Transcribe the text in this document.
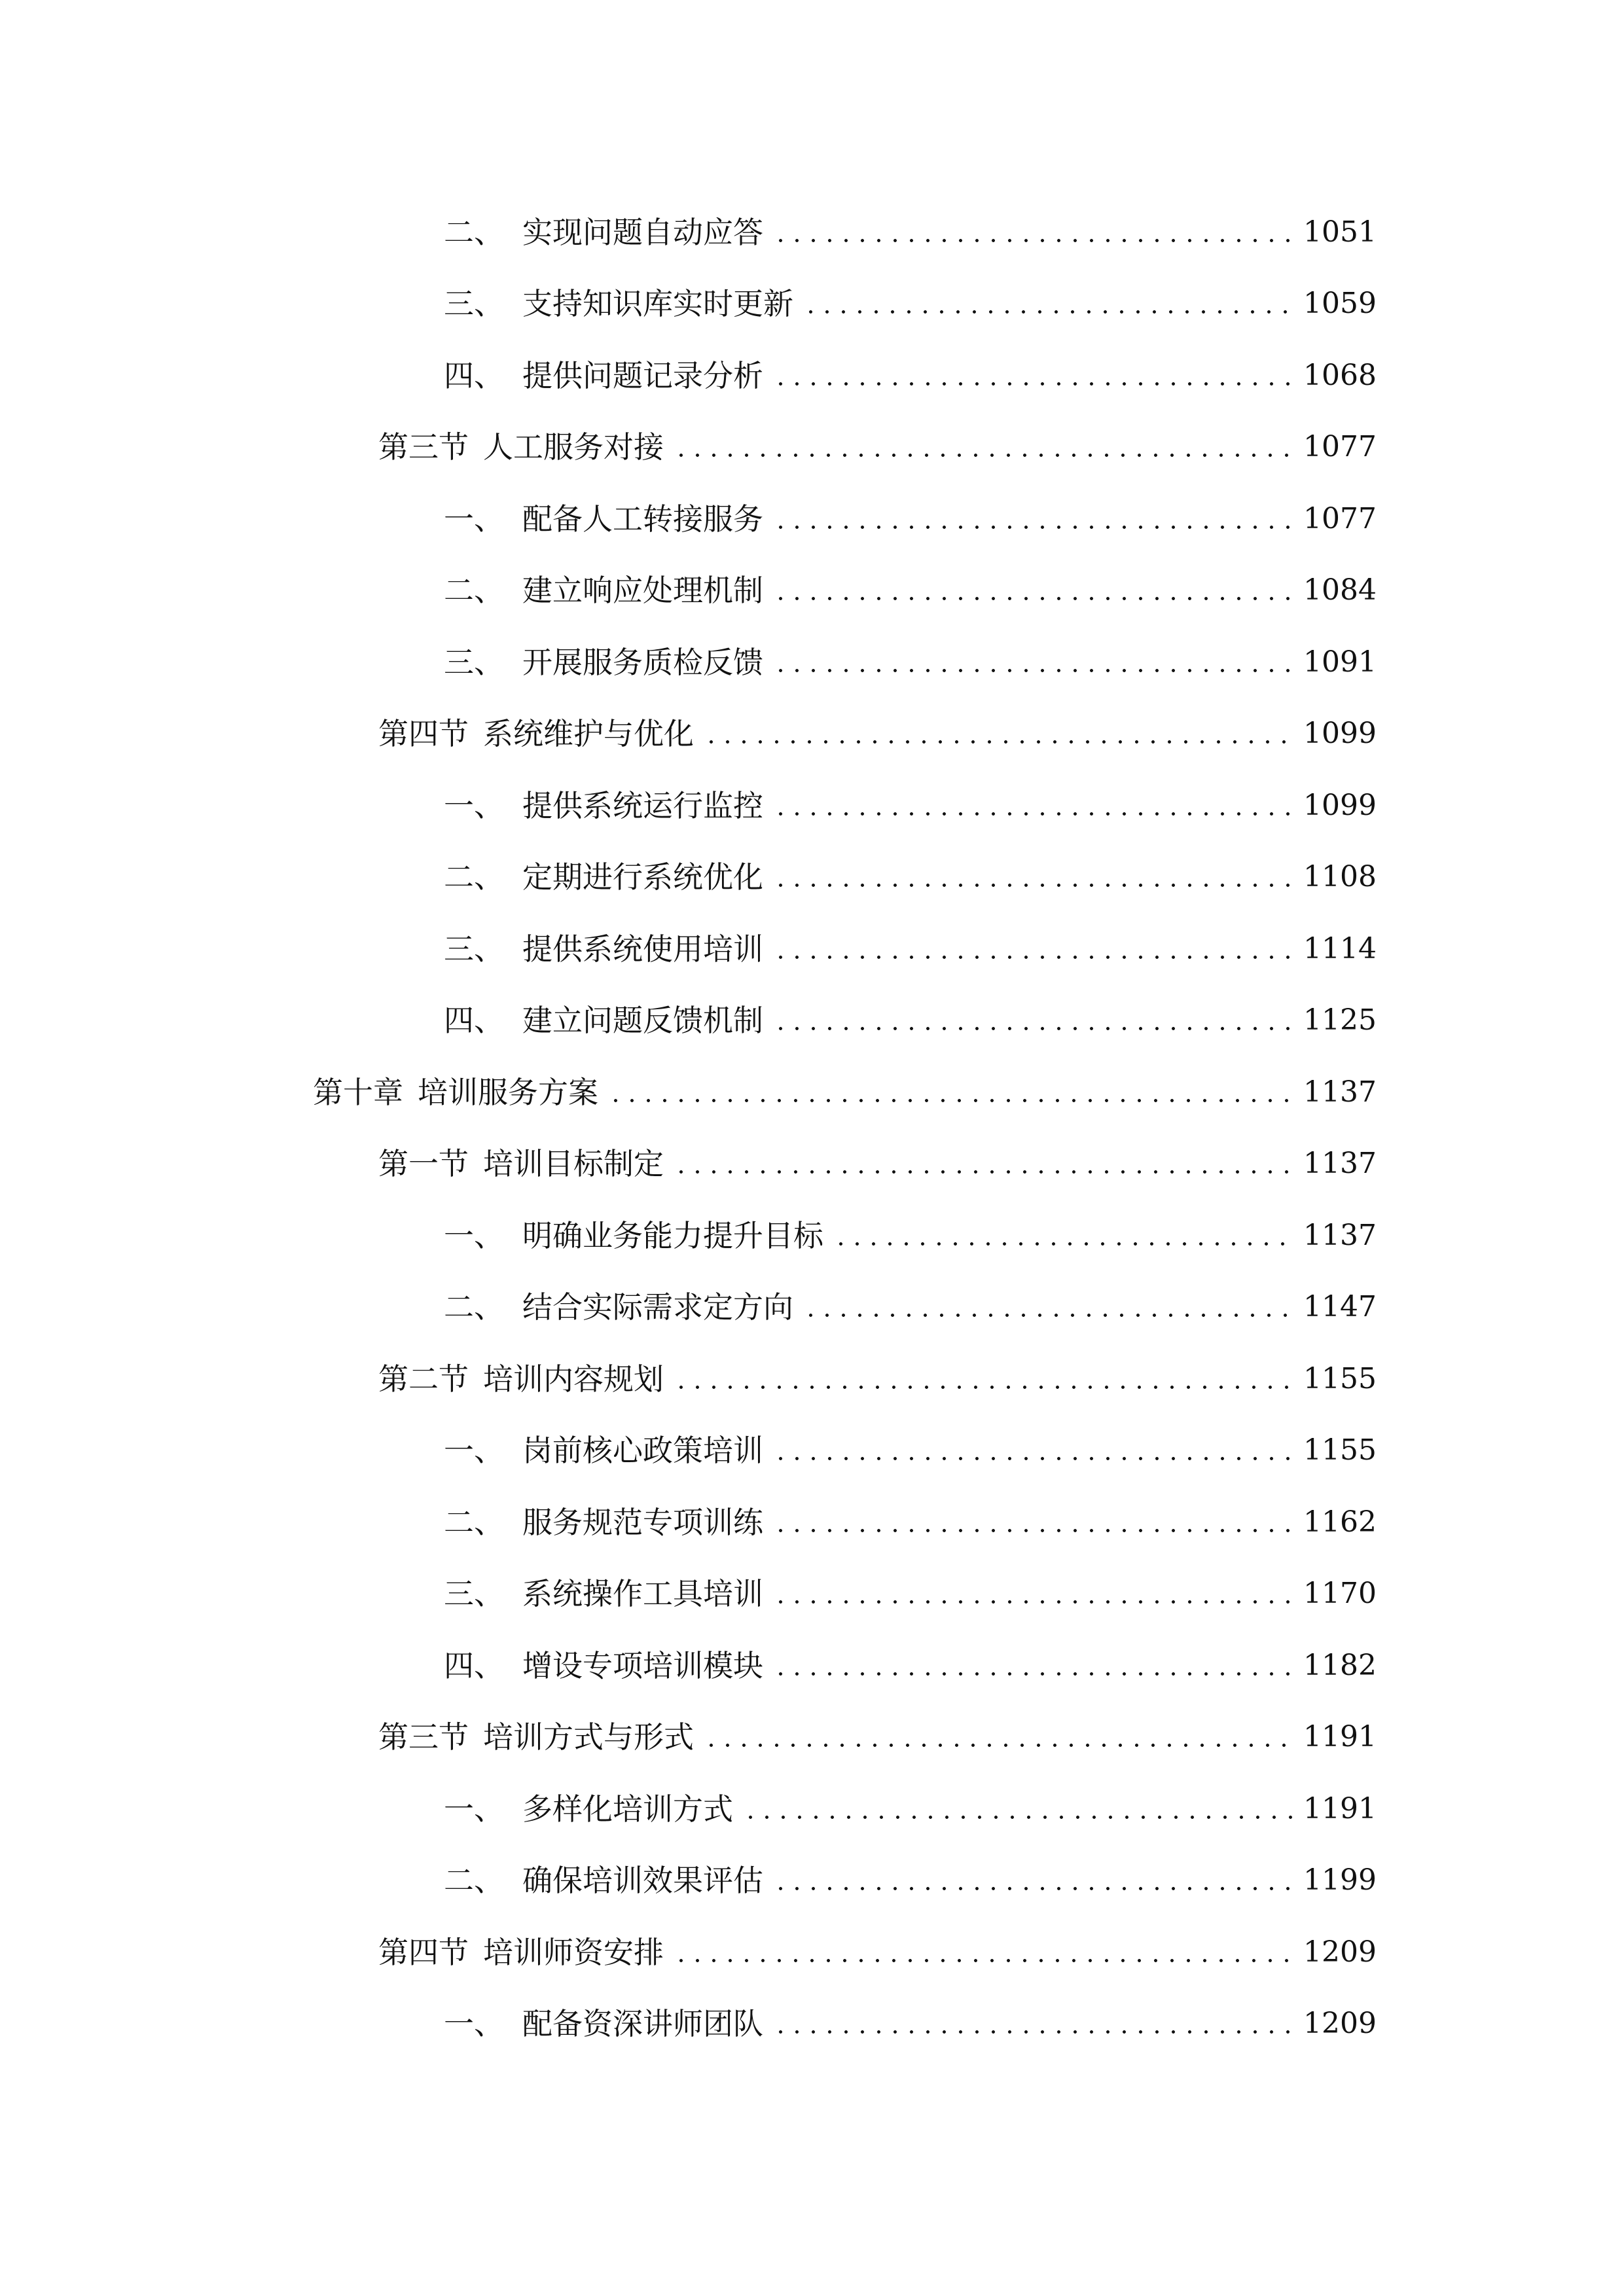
二、 实现问题自动应答	1051
三、 支持知识库实时更新	1059
四、 提供问题记录分析	1068
第三节 人工服务对接	1077
一、 配备人工转接服务	1077
二、 建立响应处理机制	1084
三、 开展服务质检反馈	1091
第四节 系统维护与优化	1099
一、 提供系统运行监控	1099
二、 定期进行系统优化	1108
三、 提供系统使用培训	1114
四、 建立问题反馈机制	1125
第十章 培训服务方案	1137
第一节 培训目标制定	1137
一、 明确业务能力提升目标	1137
二、 结合实际需求定方向	1147
第二节 培训内容规划	1155
一、 岗前核心政策培训	1155
二、 服务规范专项训练	1162
三、 系统操作工具培训	1170
四、 增设专项培训模块	1182
第三节 培训方式与形式	1191
一、 多样化培训方式	1191
二、 确保培训效果评估	1199
第四节 培训师资安排	1209
一、 配备资深讲师团队	1209
